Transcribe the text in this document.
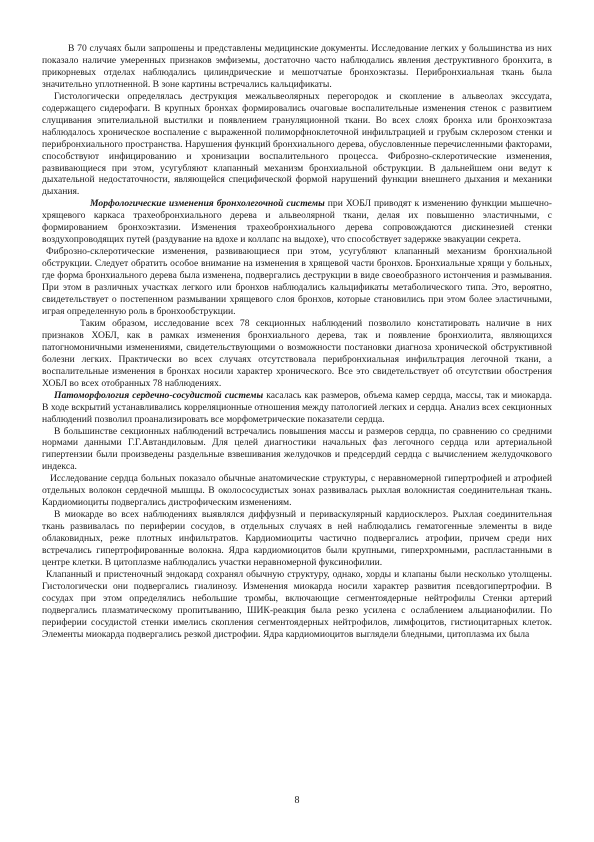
В 70 случаях были запрошены и представлены медицинские документы. Исследование легких у большинства из них показало наличие умеренных признаков эмфиземы, достаточно часто наблюдались явления деструктивного бронхита, в прикорневых отделах наблюдались цилиндрические и мешотчатые бронхоэктазы. Перибронхиальная ткань была значительно уплотненной. В зоне картины встречались кальцификаты.

Гистологически определялась деструкция межальвеолярных перегородок и скопление в альвеолах экссудата, содержащего сидерофаги. В крупных бронхах формировались очаговые воспалительные изменения стенок с развитием слущивания эпителиальной выстилки и появлением грануляционной ткани. Во всех слоях бронха или бронхоэктаза наблюдалось хроническое воспаление с выраженной полиморфноклеточной инфильтрацией и грубым склерозом стенки и перибронхиального пространства. Нарушения функций бронхиального дерева, обусловленные перечисленными факторами, способствуют инфицированию и хронизации воспалительного процесса. Фиброзно-склеротические изменения, развивающиеся при этом, усугубляют клапанный механизм бронхиальной обструкции. В дальнейшем они ведут к дыхательной недостаточности, являющейся специфической формой нарушений функции внешнего дыхания и механики дыхания.

Морфологические изменения бронхолегочной системы при ХОБЛ приводят к изменению функции мышечно-хрящевого каркаса трахеобронхиального дерева и альвеолярной ткани, делая их повышенно эластичными, с формированием бронхоэктазии. Изменения трахеобронхиального дерева сопровождаются дискинезией стенки воздухопроводящих путей (раздувание на вдохе и коллапс на выдохе), что способствует задержке эвакуации секрета.

Фиброзно-склеротические изменения, развивающиеся при этом, усугубляют клапанный механизм бронхиальной обструкции. Следует обратить особое внимание на изменения в хрящевой части бронхов. Бронхиальные хрящи у больных, где форма бронхиального дерева была изменена, подвергались деструкции в виде своеобразного истончения и размывания. При этом в различных участках легкого или бронхов наблюдались кальцификаты метаболического типа. Это, вероятно, свидетельствует о постепенном размывании хрящевого слоя бронхов, которые становились при этом более эластичными, играя определенную роль в бронхообструкции.

Таким образом, исследование всех 78 секционных наблюдений позволило констатировать наличие в них признаков ХОБЛ, как в рамках изменения бронхиального дерева, так и появление бронхиолита, являющихся патогномоничными изменениями, свидетельствующими о возможности постановки диагноза хронической обструктивной болезни легких. Практически во всех случаях отсутствовала перибронхиальная инфильтрация легочной ткани, а воспалительные изменения в бронхах носили характер хронического. Все это свидетельствует об отсутствии обострения ХОБЛ во всех отобранных 78 наблюдениях.

Патоморфология сердечно-сосудистой системы касалась как размеров, объема камер сердца, массы, так и миокарда. В ходе вскрытий устанавливались корреляционные отношения между патологией легких и сердца. Анализ всех секционных наблюдений позволил проанализировать все морфометрические показатели сердца.

В большинстве секционных наблюдений встречались повышения массы и размеров сердца, по сравнению со средними нормами данными Г.Г.Автандиловым. Для целей диагностики начальных фаз легочного сердца или артериальной гипертензии были произведены раздельные взвешивания желудочков и предсердий сердца с вычислением желудочкового индекса.

Исследование сердца больных показало обычные анатомические структуры, с неравномерной гипертрофией и атрофией отдельных волокон сердечной мышцы. В околососудистых зонах развивалась рыхлая волокнистая соединительная ткань. Кардиомиоциты подвергались дистрофическим изменениям.

В миокарде во всех наблюдениях выявлялся диффузный и периваскулярный кардиосклероз. Рыхлая соединительная ткань развивалась по периферии сосудов, в отдельных случаях в ней наблюдались гематогенные элементы в виде облаковидных, реже плотных инфильтратов. Кардиомиоциты частично подвергались атрофии, причем среди них встречались гипертрофированные волокна. Ядра кардиомиоцитов были крупными, гиперхромными, распластанными в центре клетки. В цитоплазме наблюдались участки неравномерной фуксинофилии.

Клапанный и пристеночный эндокард сохранял обычную структуру, однако, хорды и клапаны были несколько утолщены. Гистологически они подвергались гиалинозу. Изменения миокарда носили характер развития псевдогипертрофии. В сосудах при этом определялись небольшие тромбы, включающие сегментоядерные нейтрофилы Стенки артерий подвергались плазматическому пропитыванию, ШИК-реакция была резко усилена с ослаблением альцианофилии. По периферии сосудистой стенки имелись скопления сегментоядерных нейтрофилов, лимфоцитов, гистиоцитарных клеток. Элементы миокарда подвергались резкой дистрофии. Ядра кардиомиоцитов выглядели бледными, цитоплазма их была

8
